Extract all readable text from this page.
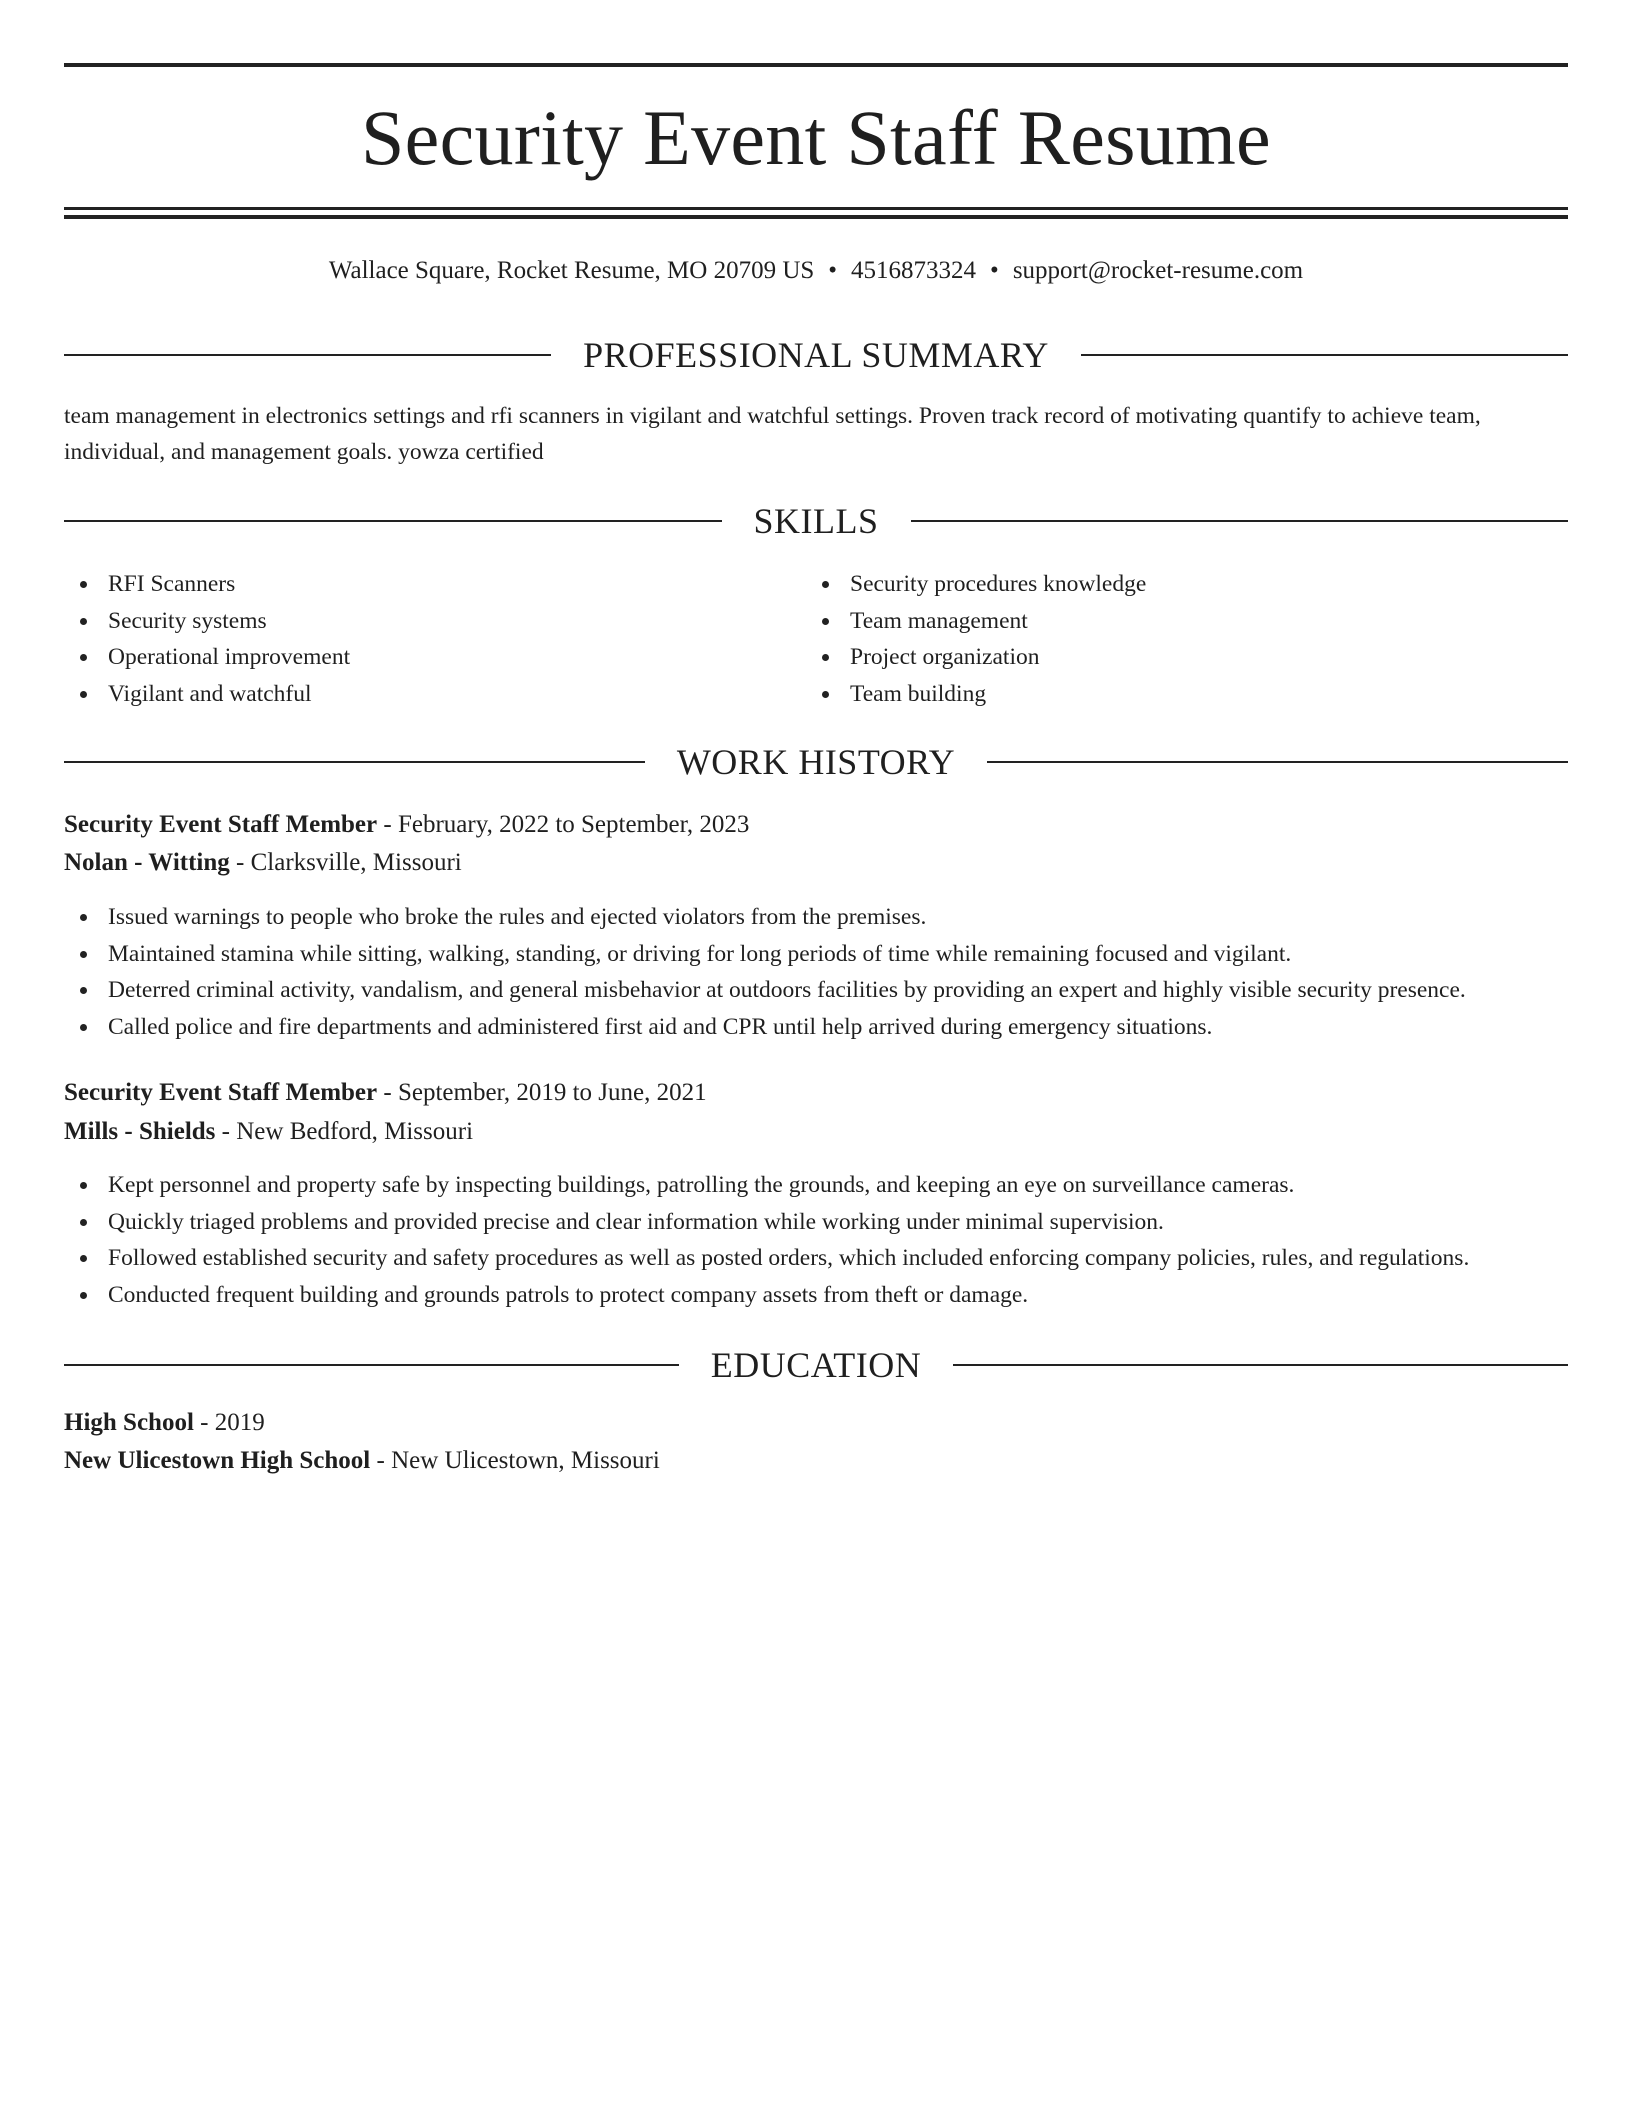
Security Event Staff Resume
Wallace Square, Rocket Resume, MO 20709 US • 4516873324 • support@rocket-resume.com
PROFESSIONAL SUMMARY
team management in electronics settings and rfi scanners in vigilant and watchful settings. Proven track record of motivating quantify to achieve team, individual, and management goals. yowza certified
SKILLS
RFI Scanners
Security systems
Operational improvement
Vigilant and watchful
Security procedures knowledge
Team management
Project organization
Team building
WORK HISTORY
Security Event Staff Member - February, 2022 to September, 2023
Nolan - Witting - Clarksville, Missouri
Issued warnings to people who broke the rules and ejected violators from the premises.
Maintained stamina while sitting, walking, standing, or driving for long periods of time while remaining focused and vigilant.
Deterred criminal activity, vandalism, and general misbehavior at outdoors facilities by providing an expert and highly visible security presence.
Called police and fire departments and administered first aid and CPR until help arrived during emergency situations.
Security Event Staff Member - September, 2019 to June, 2021
Mills - Shields - New Bedford, Missouri
Kept personnel and property safe by inspecting buildings, patrolling the grounds, and keeping an eye on surveillance cameras.
Quickly triaged problems and provided precise and clear information while working under minimal supervision.
Followed established security and safety procedures as well as posted orders, which included enforcing company policies, rules, and regulations.
Conducted frequent building and grounds patrols to protect company assets from theft or damage.
EDUCATION
High School - 2019
New Ulicestown High School - New Ulicestown, Missouri
